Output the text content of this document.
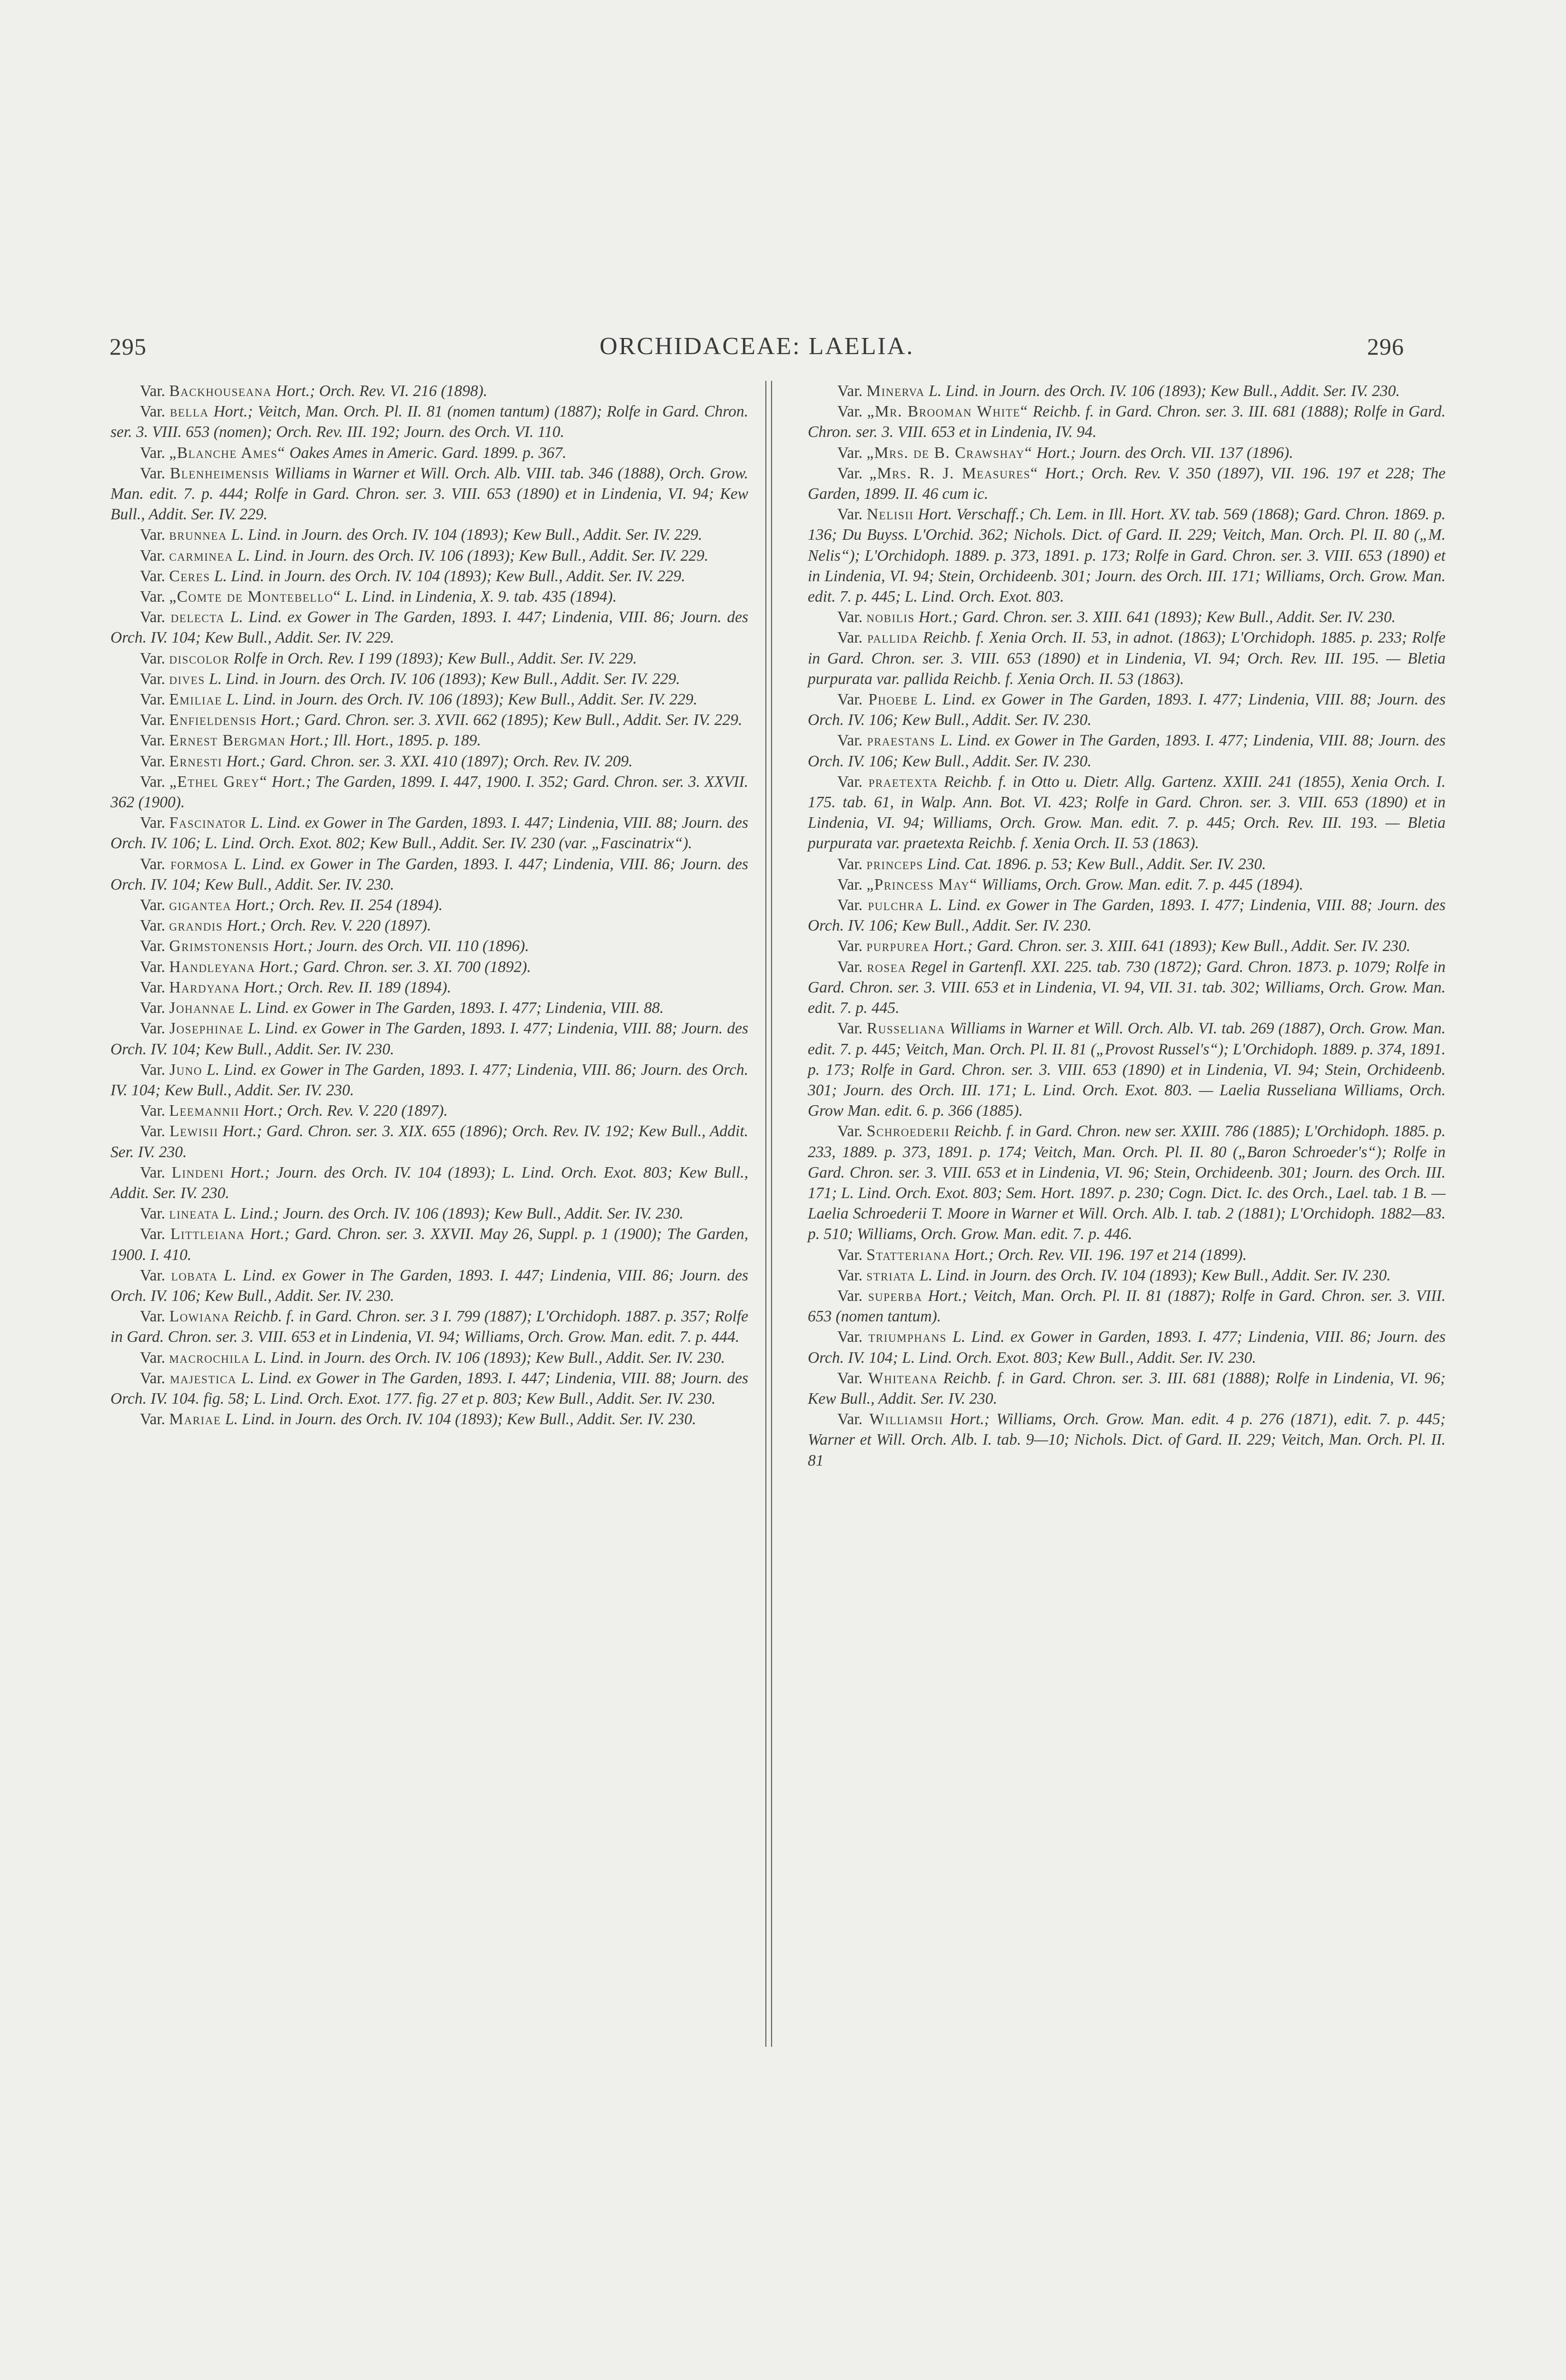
295	ORCHIDACEAE: LAELIA.	296

Var. Backhouseana Hort.; Orch. Rev. VI. 216 (1898).

Var. bella Hort.; Veitch, Man. Orch. Pl. II. 81 (nomen tantum) (1887); Rolfe in Gard. Chron. ser. 3. VIII. 653 (nomen); Orch. Rev. III. 192; Journ. des Orch. VI. 110.

Var. „Blanche Ames“ Oakes Ames in Americ. Gard. 1899. p. 367.

Var. Blenheimensis Williams in Warner et Will. Orch. Alb. VIII. tab. 346 (1888), Orch. Grow. Man. edit. 7. p. 444; Rolfe in Gard. Chron. ser. 3. VIII. 653 (1890) et in Lindenia, VI. 94; Kew Bull., Addit. Ser. IV. 229.

Var. brunnea L. Lind. in Journ. des Orch. IV. 104 (1893); Kew Bull., Addit. Ser. IV. 229.

Var. carminea L. Lind. in Journ. des Orch. IV. 106 (1893); Kew Bull., Addit. Ser. IV. 229.

Var. Ceres L. Lind. in Journ. des Orch. IV. 104 (1893); Kew Bull., Addit. Ser. IV. 229.

Var. „Comte de Montebello“ L. Lind. in Lindenia, X. 9. tab. 435 (1894).

Var. delecta L. Lind. ex Gower in The Garden, 1893. I. 447; Lindenia, VIII. 86; Journ. des Orch. IV. 104; Kew Bull., Addit. Ser. IV. 229.

Var. discolor Rolfe in Orch. Rev. I 199 (1893); Kew Bull., Addit. Ser. IV. 229.

Var. dives L. Lind. in Journ. des Orch. IV. 106 (1893); Kew Bull., Addit. Ser. IV. 229.

Var. Emiliae L. Lind. in Journ. des Orch. IV. 106 (1893); Kew Bull., Addit. Ser. IV. 229.

Var. Enfieldensis Hort.; Gard. Chron. ser. 3. XVII. 662 (1895); Kew Bull., Addit. Ser. IV. 229.

Var. Ernest Bergman Hort.; Ill. Hort., 1895. p. 189.

Var. Ernesti Hort.; Gard. Chron. ser. 3. XXI. 410 (1897); Orch. Rev. IV. 209.

Var. „Ethel Grey“ Hort.; The Garden, 1899. I. 447, 1900. I. 352; Gard. Chron. ser. 3. XXVII. 362 (1900).

Var. Fascinator L. Lind. ex Gower in The Garden, 1893. I. 447; Lindenia, VIII. 88; Journ. des Orch. IV. 106; L. Lind. Orch. Exot. 802; Kew Bull., Addit. Ser. IV. 230 (var. „Fascinatrix“).

Var. formosa L. Lind. ex Gower in The Garden, 1893. I. 447; Lindenia, VIII. 86; Journ. des Orch. IV. 104; Kew Bull., Addit. Ser. IV. 230.

Var. gigantea Hort.; Orch. Rev. II. 254 (1894).

Var. grandis Hort.; Orch. Rev. V. 220 (1897).

Var. Grimstonensis Hort.; Journ. des Orch. VII. 110 (1896).

Var. Handleyana Hort.; Gard. Chron. ser. 3. XI. 700 (1892).

Var. Hardyana Hort.; Orch. Rev. II. 189 (1894).

Var. Johannae L. Lind. ex Gower in The Garden, 1893. I. 477; Lindenia, VIII. 88.

Var. Josephinae L. Lind. ex Gower in The Garden, 1893. I. 477; Lindenia, VIII. 88; Journ. des Orch. IV. 104; Kew Bull., Addit. Ser. IV. 230.

Var. Juno L. Lind. ex Gower in The Garden, 1893. I. 477; Lindenia, VIII. 86; Journ. des Orch. IV. 104; Kew Bull., Addit. Ser. IV. 230.

Var. Leemannii Hort.; Orch. Rev. V. 220 (1897).

Var. Lewisii Hort.; Gard. Chron. ser. 3. XIX. 655 (1896); Orch. Rev. IV. 192; Kew Bull., Addit. Ser. IV. 230.

Var. Lindeni Hort.; Journ. des Orch. IV. 104 (1893); L. Lind. Orch. Exot. 803; Kew Bull., Addit. Ser. IV. 230.

Var. lineata L. Lind.; Journ. des Orch. IV. 106 (1893); Kew Bull., Addit. Ser. IV. 230.

Var. Littleiana Hort.; Gard. Chron. ser. 3. XXVII. May 26, Suppl. p. 1 (1900); The Garden, 1900. I. 410.

Var. lobata L. Lind. ex Gower in The Garden, 1893. I. 447; Lindenia, VIII. 86; Journ. des Orch. IV. 106; Kew Bull., Addit. Ser. IV. 230.

Var. Lowiana Reichb. f. in Gard. Chron. ser. 3 I. 799 (1887); L'Orchidoph. 1887. p. 357; Rolfe in Gard. Chron. ser. 3. VIII. 653 et in Lindenia, VI. 94; Williams, Orch. Grow. Man. edit. 7. p. 444.

Var. macrochila L. Lind. in Journ. des Orch. IV. 106 (1893); Kew Bull., Addit. Ser. IV. 230.

Var. majestica L. Lind. ex Gower in The Garden, 1893. I. 447; Lindenia, VIII. 88; Journ. des Orch. IV. 104. fig. 58; L. Lind. Orch. Exot. 177. fig. 27 et p. 803; Kew Bull., Addit. Ser. IV. 230.

Var. Mariae L. Lind. in Journ. des Orch. IV. 104 (1893); Kew Bull., Addit. Ser. IV. 230.

Var. Minerva L. Lind. in Journ. des Orch. IV. 106 (1893); Kew Bull., Addit. Ser. IV. 230.

Var. „Mr. Brooman White“ Reichb. f. in Gard. Chron. ser. 3. III. 681 (1888); Rolfe in Gard. Chron. ser. 3. VIII. 653 et in Lindenia, IV. 94.

Var. „Mrs. de B. Crawshay“ Hort.; Journ. des Orch. VII. 137 (1896).

Var. „Mrs. R. J. Measures“ Hort.; Orch. Rev. V. 350 (1897), VII. 196. 197 et 228; The Garden, 1899. II. 46 cum ic.

Var. Nelisii Hort. Verschaff.; Ch. Lem. in Ill. Hort. XV. tab. 569 (1868); Gard. Chron. 1869. p. 136; Du Buyss. L'Orchid. 362; Nichols. Dict. of Gard. II. 229; Veitch, Man. Orch. Pl. II. 80 („M. Nelis“); L'Orchidoph. 1889. p. 373, 1891. p. 173; Rolfe in Gard. Chron. ser. 3. VIII. 653 (1890) et in Lindenia, VI. 94; Stein, Orchideenb. 301; Journ. des Orch. III. 171; Williams, Orch. Grow. Man. edit. 7. p. 445; L. Lind. Orch. Exot. 803.

Var. nobilis Hort.; Gard. Chron. ser. 3. XIII. 641 (1893); Kew Bull., Addit. Ser. IV. 230.

Var. pallida Reichb. f. Xenia Orch. II. 53, in adnot. (1863); L'Orchidoph. 1885. p. 233; Rolfe in Gard. Chron. ser. 3. VIII. 653 (1890) et in Lindenia, VI. 94; Orch. Rev. III. 195. — Bletia purpurata var. pallida Reichb. f. Xenia Orch. II. 53 (1863).

Var. Phoebe L. Lind. ex Gower in The Garden, 1893. I. 477; Lindenia, VIII. 88; Journ. des Orch. IV. 106; Kew Bull., Addit. Ser. IV. 230.

Var. praestans L. Lind. ex Gower in The Garden, 1893. I. 477; Lindenia, VIII. 88; Journ. des Orch. IV. 106; Kew Bull., Addit. Ser. IV. 230.

Var. praetexta Reichb. f. in Otto u. Dietr. Allg. Gartenz. XXIII. 241 (1855), Xenia Orch. I. 175. tab. 61, in Walp. Ann. Bot. VI. 423; Rolfe in Gard. Chron. ser. 3. VIII. 653 (1890) et in Lindenia, VI. 94; Williams, Orch. Grow. Man. edit. 7. p. 445; Orch. Rev. III. 193. — Bletia purpurata var. praetexta Reichb. f. Xenia Orch. II. 53 (1863).

Var. princeps Lind. Cat. 1896. p. 53; Kew Bull., Addit. Ser. IV. 230.

Var. „Princess May“ Williams, Orch. Grow. Man. edit. 7. p. 445 (1894).

Var. pulchra L. Lind. ex Gower in The Garden, 1893. I. 477; Lindenia, VIII. 88; Journ. des Orch. IV. 106; Kew Bull., Addit. Ser. IV. 230.

Var. purpurea Hort.; Gard. Chron. ser. 3. XIII. 641 (1893); Kew Bull., Addit. Ser. IV. 230.

Var. rosea Regel in Gartenfl. XXI. 225. tab. 730 (1872); Gard. Chron. 1873. p. 1079; Rolfe in Gard. Chron. ser. 3. VIII. 653 et in Lindenia, VI. 94, VII. 31. tab. 302; Williams, Orch. Grow. Man. edit. 7. p. 445.

Var. Russeliana Williams in Warner et Will. Orch. Alb. VI. tab. 269 (1887), Orch. Grow. Man. edit. 7. p. 445; Veitch, Man. Orch. Pl. II. 81 („Provost Russel's“); L'Orchidoph. 1889. p. 374, 1891. p. 173; Rolfe in Gard. Chron. ser. 3. VIII. 653 (1890) et in Lindenia, VI. 94; Stein, Orchideenb. 301; Journ. des Orch. III. 171; L. Lind. Orch. Exot. 803. — Laelia Russeliana Williams, Orch. Grow Man. edit. 6. p. 366 (1885).

Var. Schroederii Reichb. f. in Gard. Chron. new ser. XXIII. 786 (1885); L'Orchidoph. 1885. p. 233, 1889. p. 373, 1891. p. 174; Veitch, Man. Orch. Pl. II. 80 („Baron Schroeder's“); Rolfe in Gard. Chron. ser. 3. VIII. 653 et in Lindenia, VI. 96; Stein, Orchideenb. 301; Journ. des Orch. III. 171; L. Lind. Orch. Exot. 803; Sem. Hort. 1897. p. 230; Cogn. Dict. Ic. des Orch., Lael. tab. 1 B. — Laelia Schroederii T. Moore in Warner et Will. Orch. Alb. I. tab. 2 (1881); L'Orchidoph. 1882—83. p. 510; Williams, Orch. Grow. Man. edit. 7. p. 446.

Var. Statteriana Hort.; Orch. Rev. VII. 196. 197 et 214 (1899).

Var. striata L. Lind. in Journ. des Orch. IV. 104 (1893); Kew Bull., Addit. Ser. IV. 230.

Var. superba Hort.; Veitch, Man. Orch. Pl. II. 81 (1887); Rolfe in Gard. Chron. ser. 3. VIII. 653 (nomen tantum).

Var. triumphans L. Lind. ex Gower in Garden, 1893. I. 477; Lindenia, VIII. 86; Journ. des Orch. IV. 104; L. Lind. Orch. Exot. 803; Kew Bull., Addit. Ser. IV. 230.

Var. Whiteana Reichb. f. in Gard. Chron. ser. 3. III. 681 (1888); Rolfe in Lindenia, VI. 96; Kew Bull., Addit. Ser. IV. 230.

Var. Williamsii Hort.; Williams, Orch. Grow. Man. edit. 4 p. 276 (1871), edit. 7. p. 445; Warner et Will. Orch. Alb. I. tab. 9—10; Nichols. Dict. of Gard. II. 229; Veitch, Man. Orch. Pl. II. 81
